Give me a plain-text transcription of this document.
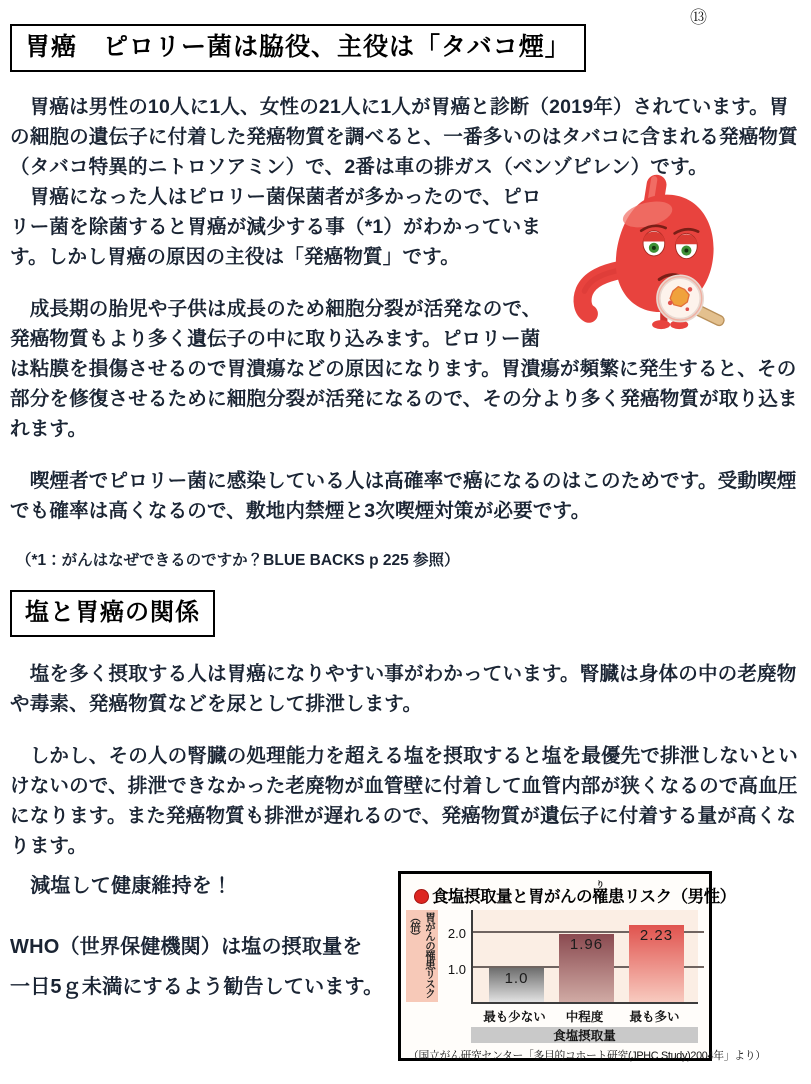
⑬
胃癌　ピロリー菌は脇役、主役は「タバコ煙」

　胃癌は男性の10人に1人、女性の21人に1人が胃癌と診断（2019年）されています。胃の細胞の遺伝子に付着した発癌物質を調べると、一番多いのはタバコに含まれる発癌物質（タバコ特異的ニトロソアミン）で、2番は車の排ガス（ベンゾピレン）です。

　胃癌になった人はピロリー菌保菌者が多かったので、ピロリー菌を除菌すると胃癌が減少する事（*1）がわかっています。しかし胃癌の原因の主役は「発癌物質」です。

　成長期の胎児や子供は成長のため細胞分裂が活発なので、発癌物質もより多く遺伝子の中に取り込みます。ピロリー菌は粘膜を損傷させるので胃潰瘍などの原因になります。胃潰瘍が頻繁に発生すると、その部分を修復させるために細胞分裂が活発になるので、その分より多く発癌物質が取り込まれます。

　喫煙者でピロリー菌に感染している人は高確率で癌になるのはこのためです。受動喫煙でも確率は高くなるので、敷地内禁煙と3次喫煙対策が必要です。

（*1：がんはなぜできるのですか？BLUE BACKS p 225 参照）
塩と胃癌の関係

　塩を多く摂取する人は胃癌になりやすい事がわかっています。腎臓は身体の中の老廃物や毒素、発癌物質などを尿として排泄します。

　しかし、その人の腎臓の処理能力を超える塩を摂取すると塩を最優先で排泄しないといけないので、排泄できなかった老廃物が血管壁に付着して血管内部が狭くなるので高血圧になります。また発癌物質も排泄が遅れるので、発癌物質が遺伝子に付着する量が高くなります。

　減塩して健康維持を！

WHO（世界保健機関）は塩の摂取量を
一日5ｇ未満にするよう勧告しています。

食塩摂取量と胃がんの罹り患リスク（男性）
胃がんの罹患リスク（倍）
1.0
2.0
1.0
1.96
2.23
最も少ない	中程度	最も多い
食塩摂取量
（国立がん研究センター「多目的コホート研究(JPHC Study)2004年」より）
